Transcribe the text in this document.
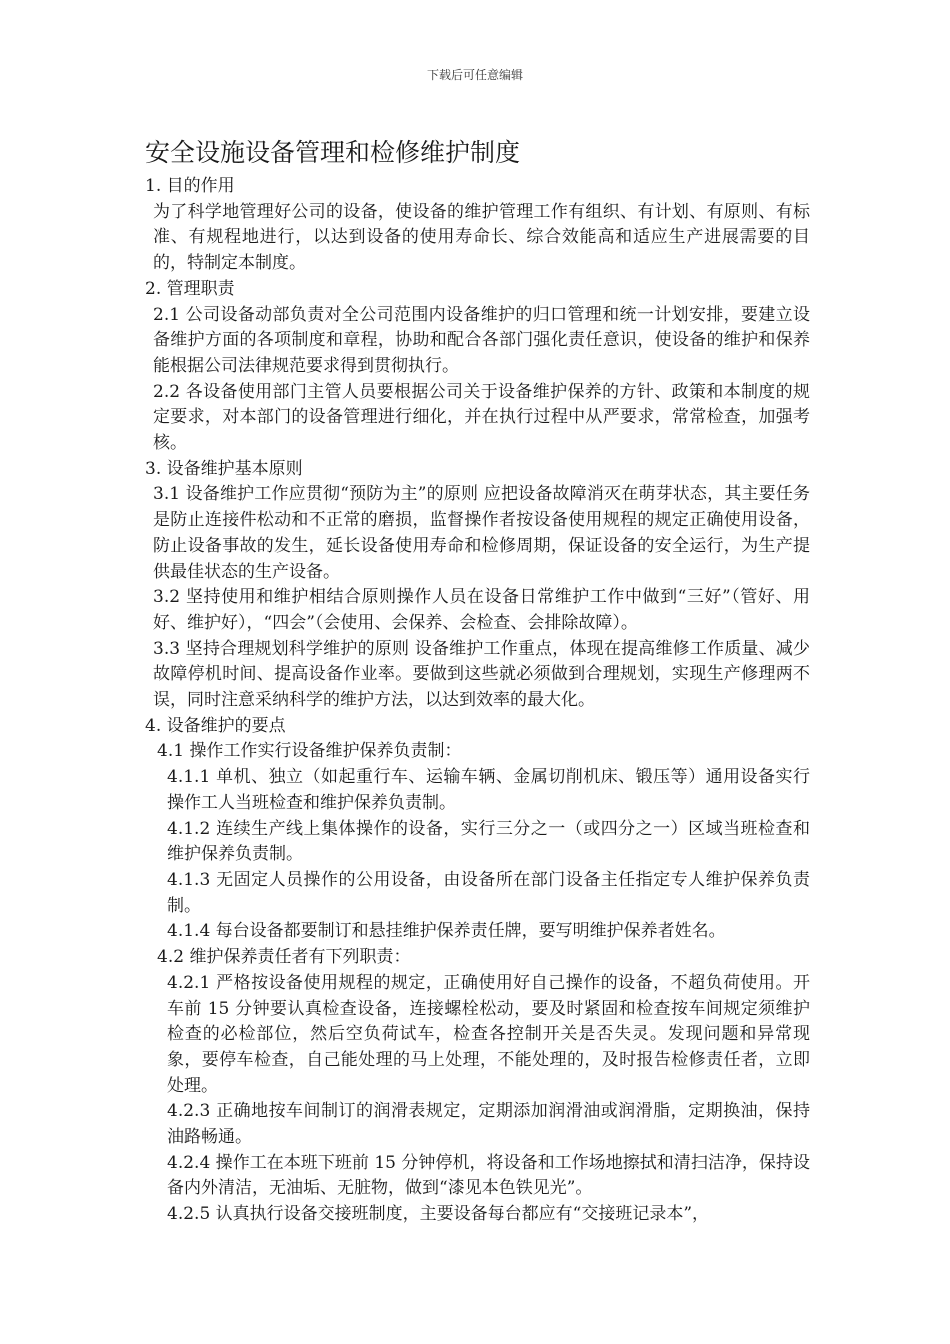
下载后可任意编辑
安全设施设备管理和检修维护制度

1. 目的作用

为了科学地管理好公司的设备，使设备的维护管理工作有组织、有计划、有原则、有标准、有规程地进行，以达到设备的使用寿命长、综合效能高和适应生产进展需要的目的，特制定本制度。

2. 管理职责

2.1 公司设备动部负责对全公司范围内设备维护的归口管理和统一计划安排，要建立设备维护方面的各项制度和章程，协助和配合各部门强化责任意识，使设备的维护和保养能根据公司法律规范要求得到贯彻执行。

2.2 各设备使用部门主管人员要根据公司关于设备维护保养的方针、政策和本制度的规定要求，对本部门的设备管理进行细化，并在执行过程中从严要求，常常检查，加强考核。

3. 设备维护基本原则

3.1 设备维护工作应贯彻“预防为主”的原则 应把设备故障消灭在萌芽状态，其主要任务是防止连接件松动和不正常的磨损，监督操作者按设备使用规程的规定正确使用设备，防止设备事故的发生，延长设备使用寿命和检修周期，保证设备的安全运行，为生产提供最佳状态的生产设备。

3.2 坚持使用和维护相结合原则操作人员在设备日常维护工作中做到“三好”（管好、用好、维护好），“四会”（会使用、会保养、会检查、会排除故障）。

3.3 坚持合理规划科学维护的原则 设备维护工作重点，体现在提高维修工作质量、减少故障停机时间、提高设备作业率。要做到这些就必须做到合理规划，实现生产修理两不误，同时注意采纳科学的维护方法，以达到效率的最大化。

4. 设备维护的要点

4.1 操作工作实行设备维护保养负责制：

4.1.1 单机、独立（如起重行车、运输车辆、金属切削机床、锻压等）通用设备实行操作工人当班检查和维护保养负责制。

4.1.2 连续生产线上集体操作的设备，实行三分之一（或四分之一）区域当班检查和维护保养负责制。

4.1.3 无固定人员操作的公用设备，由设备所在部门设备主任指定专人维护保养负责制。

4.1.4 每台设备都要制订和悬挂维护保养责任牌，要写明维护保养者姓名。

4.2 维护保养责任者有下列职责：

4.2.1 严格按设备使用规程的规定，正确使用好自己操作的设备，不超负荷使用。开车前 15 分钟要认真检查设备，连接螺栓松动，要及时紧固和检查按车间规定须维护检查的必检部位，然后空负荷试车，检查各控制开关是否失灵。发现问题和异常现象，要停车检查，自己能处理的马上处理，不能处理的，及时报告检修责任者，立即处理。

4.2.3 正确地按车间制订的润滑表规定，定期添加润滑油或润滑脂，定期换油，保持油路畅通。

4.2.4 操作工在本班下班前 15 分钟停机，将设备和工作场地擦拭和清扫洁净，保持设备内外清洁，无油垢、无脏物，做到“漆见本色铁见光”。

4.2.5 认真执行设备交接班制度，主要设备每台都应有“交接班记录本”，
